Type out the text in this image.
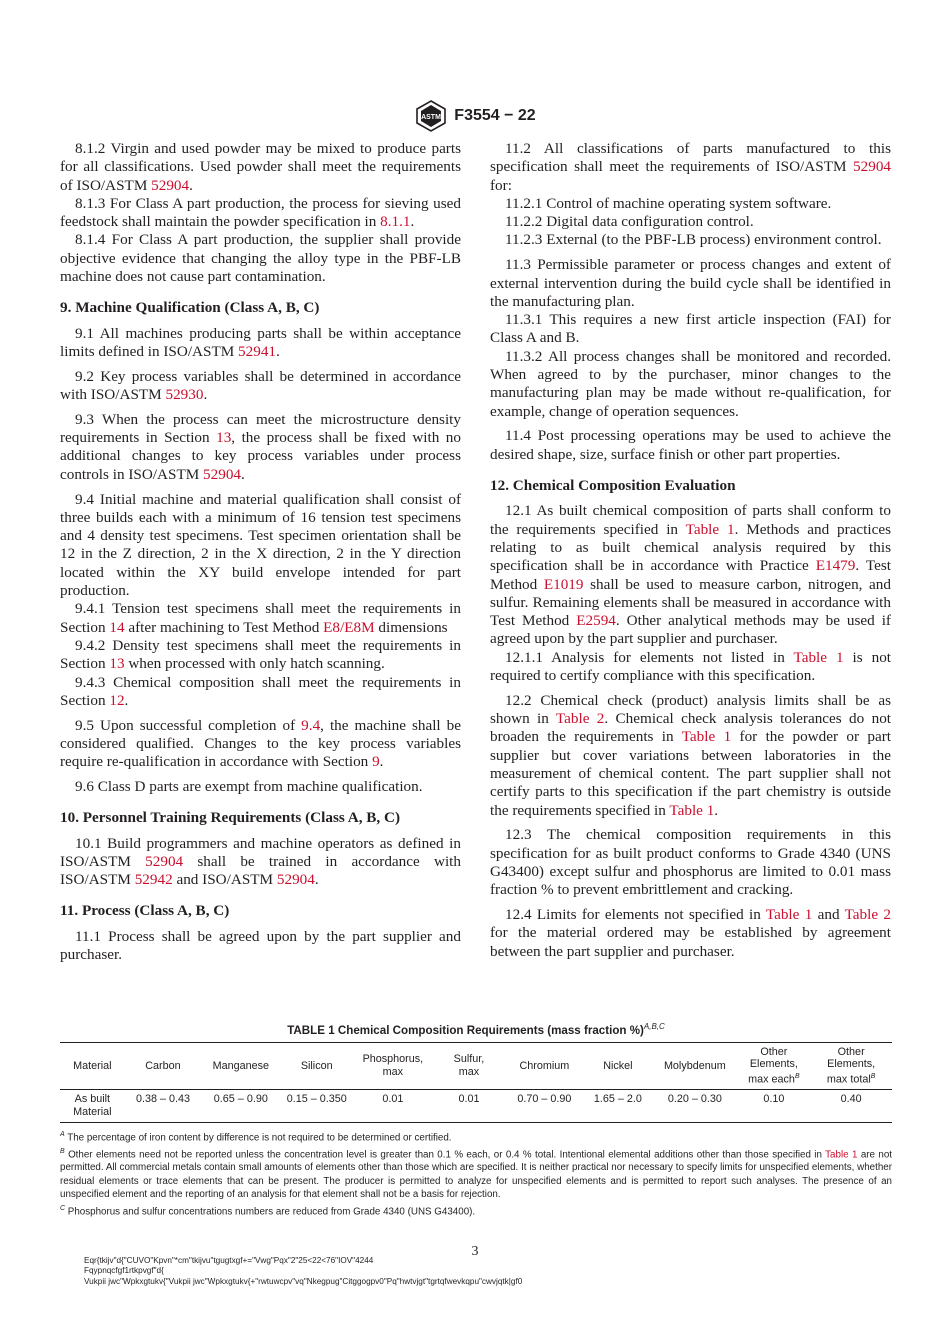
ASTM F3554 − 22

8.1.2 Virgin and used powder may be mixed to produce parts for all classifications. Used powder shall meet the requirements of ISO/ASTM 52904.

8.1.3 For Class A part production, the process for sieving used feedstock shall maintain the powder specification in 8.1.1.

8.1.4 For Class A part production, the supplier shall provide objective evidence that changing the alloy type in the PBF-LB machine does not cause part contamination.

9. Machine Qualification (Class A, B, C)

9.1 All machines producing parts shall be within acceptance limits defined in ISO/ASTM 52941.

9.2 Key process variables shall be determined in accordance with ISO/ASTM 52930.

9.3 When the process can meet the microstructure density requirements in Section 13, the process shall be fixed with no additional changes to key process variables under process controls in ISO/ASTM 52904.

9.4 Initial machine and material qualification shall consist of three builds each with a minimum of 16 tension test specimens and 4 density test specimens. Test specimen orientation shall be 12 in the Z direction, 2 in the X direction, 2 in the Y direction located within the XY build envelope intended for part production.

9.4.1 Tension test specimens shall meet the requirements in Section 14 after machining to Test Method E8/E8M dimensions

9.4.2 Density test specimens shall meet the requirements in Section 13 when processed with only hatch scanning.

9.4.3 Chemical composition shall meet the requirements in Section 12.

9.5 Upon successful completion of 9.4, the machine shall be considered qualified. Changes to the key process variables require re-qualification in accordance with Section 9.

9.6 Class D parts are exempt from machine qualification.

10. Personnel Training Requirements (Class A, B, C)

10.1 Build programmers and machine operators as defined in ISO/ASTM 52904 shall be trained in accordance with ISO/ASTM 52942 and ISO/ASTM 52904.

11. Process (Class A, B, C)

11.1 Process shall be agreed upon by the part supplier and purchaser.

11.2 All classifications of parts manufactured to this specification shall meet the requirements of ISO/ASTM 52904 for:

11.2.1 Control of machine operating system software.

11.2.2 Digital data configuration control.

11.2.3 External (to the PBF-LB process) environment control.

11.3 Permissible parameter or process changes and extent of external intervention during the build cycle shall be identified in the manufacturing plan.

11.3.1 This requires a new first article inspection (FAI) for Class A and B.

11.3.2 All process changes shall be monitored and recorded. When agreed to by the purchaser, minor changes to the manufacturing plan may be made without re-qualification, for example, change of operation sequences.

11.4 Post processing operations may be used to achieve the desired shape, size, surface finish or other part properties.

12. Chemical Composition Evaluation

12.1 As built chemical composition of parts shall conform to the requirements specified in Table 1. Methods and practices relating to as built chemical analysis required by this specification shall be in accordance with Practice E1479. Test Method E1019 shall be used to measure carbon, nitrogen, and sulfur. Remaining elements shall be measured in accordance with Test Method E2594. Other analytical methods may be used if agreed upon by the part supplier and purchaser.

12.1.1 Analysis for elements not listed in Table 1 is not required to certify compliance with this specification.

12.2 Chemical check (product) analysis limits shall be as shown in Table 2. Chemical check analysis tolerances do not broaden the requirements in Table 1 for the powder or part supplier but cover variations between laboratories in the measurement of chemical content. The part supplier shall not certify parts to this specification if the part chemistry is outside the requirements specified in Table 1.

12.3 The chemical composition requirements in this specification for as built product conforms to Grade 4340 (UNS G43400) except sulfur and phosphorus are limited to 0.01 mass fraction % to prevent embrittlement and cracking.

12.4 Limits for elements not specified in Table 1 and Table 2 for the material ordered may be established by agreement between the part supplier and purchaser.

TABLE 1 Chemical Composition Requirements (mass fraction %)$^{A,B,C}$
Material	Carbon	Manganese	Silicon	Phosphorus,
max	Sulfur,
max	Chromium	Nickel	Molybdenum	Other
Elements,
max each$^B$	Other
Elements,
max total$^B$
As built
Material	0.38 – 0.43	0.65 – 0.90	0.15 – 0.350	0.01	0.01	0.70 – 0.90	1.65 – 2.0	0.20 – 0.30	0.10	0.40

$^A$ The percentage of iron content by difference is not required to be determined or certified.

$^B$ Other elements need not be reported unless the concentration level is greater than 0.1 % each, or 0.4 % total. Intentional elemental additions other than those specified in Table 1 are not permitted. All commercial metals contain small amounts of elements other than those which are specified. It is neither practical nor necessary to specify limits for unspecified elements, whether residual elements or trace elements that can be present. The producer is permitted to analyze for unspecified elements and is permitted to report such analyses. The presence of an unspecified element and the reporting of an analysis for that element shall not be a basis for rejection.

$^C$ Phosphorus and sulfur concentrations numbers are reduced from Grade 4340 (UNS G43400).

3

Eqr{tkijv"d{"CUVO"Kpvn"*cm"tkijvu"tgugtxgf+="Vwg"Pqx"2"25<22<76"IOV"4244

Fqypnqcfgf1rtkpvgf"d{

Vukpii jwc"Wpkxgtukv{"Vukpii jwc"Wpkxgtukv{+"rwtuwcpv"vq"Nkegpug"Citggogpv0"Pq"hwtvjgt"tgrtqfwevkqpu"cwvjqtk|gf0
